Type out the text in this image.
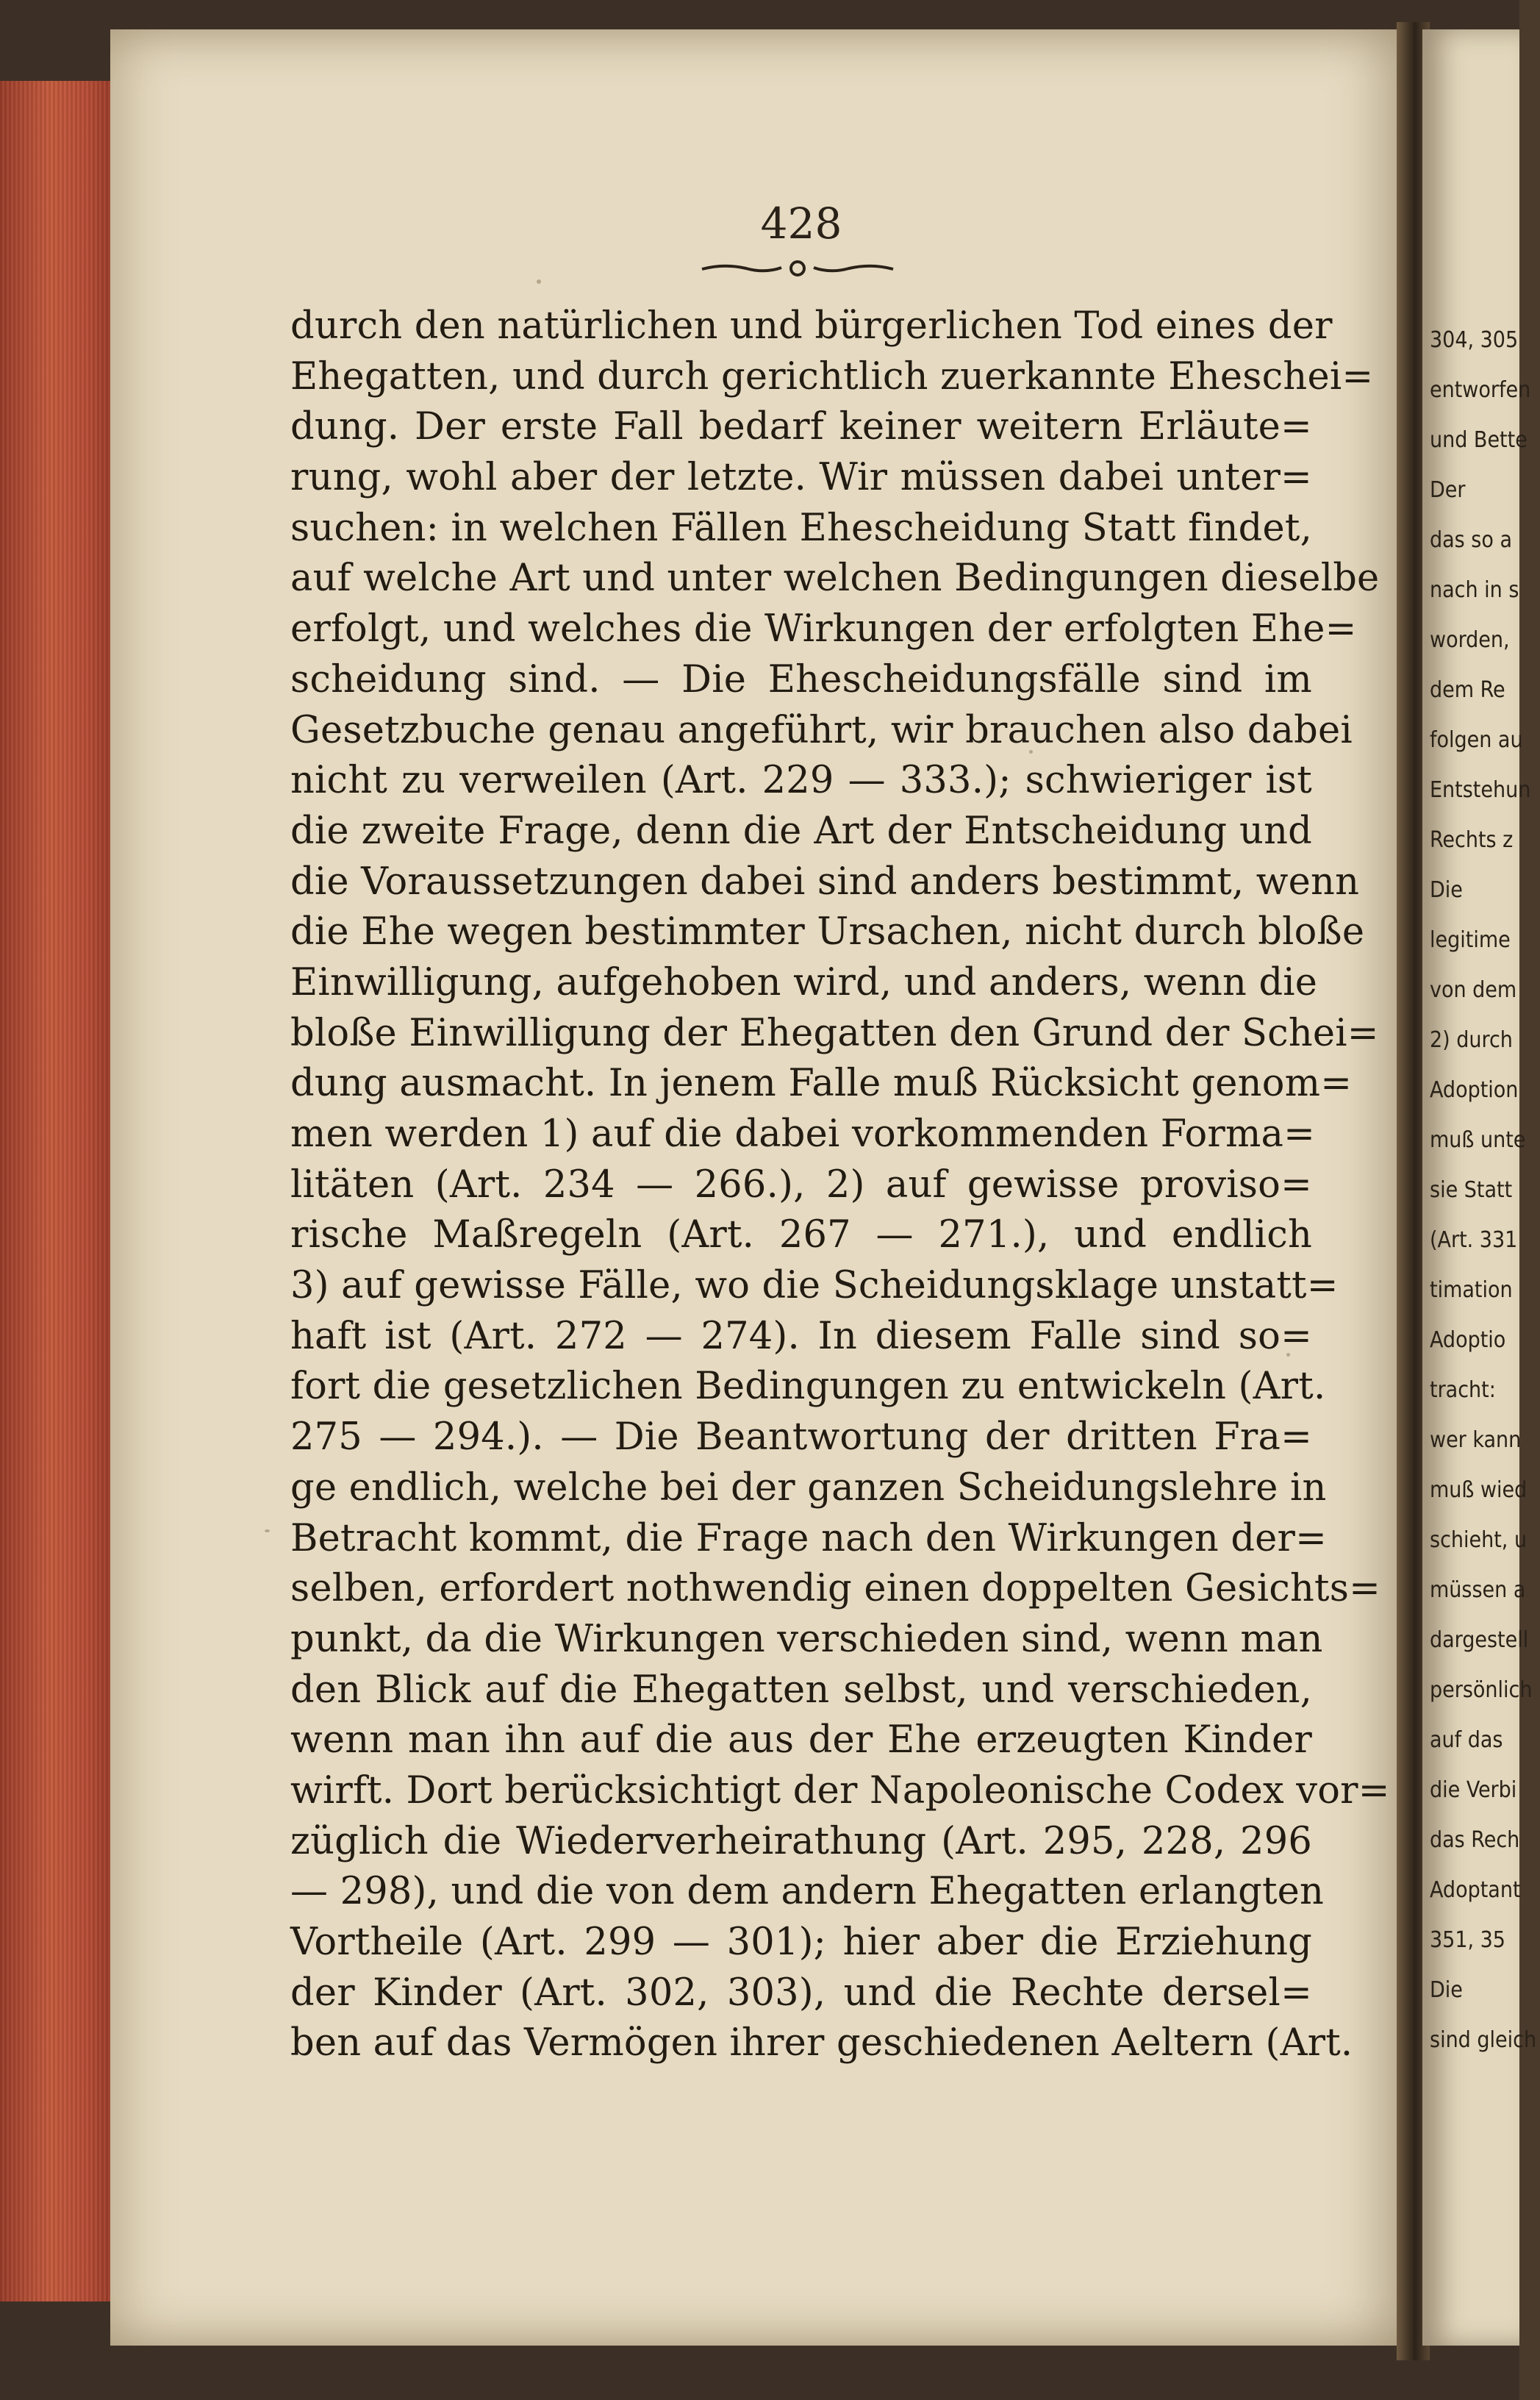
428
durch den natürlichen und bürgerlichen Tod eines der
Ehegatten, und durch gerichtlich zuerkannte Eheschei=
dung. Der erste Fall bedarf keiner weitern Erläute=
rung, wohl aber der letzte. Wir müssen dabei unter=
suchen: in welchen Fällen Ehescheidung Statt findet,
auf welche Art und unter welchen Bedingungen dieselbe
erfolgt, und welches die Wirkungen der erfolgten Ehe=
scheidung sind. — Die Ehescheidungsfälle sind im
Gesetzbuche genau angeführt, wir brauchen also dabei
nicht zu verweilen (Art. 229 — 333.); schwieriger ist
die zweite Frage, denn die Art der Entscheidung und
die Voraussetzungen dabei sind anders bestimmt, wenn
die Ehe wegen bestimmter Ursachen, nicht durch bloße
Einwilligung, aufgehoben wird, und anders, wenn die
bloße Einwilligung der Ehegatten den Grund der Schei=
dung ausmacht. In jenem Falle muß Rücksicht genom=
men werden 1) auf die dabei vorkommenden Forma=
litäten (Art. 234 — 266.), 2) auf gewisse proviso=
rische Maßregeln (Art. 267 — 271.), und endlich
3) auf gewisse Fälle, wo die Scheidungsklage unstatt=
haft ist (Art. 272 — 274). In diesem Falle sind so=
fort die gesetzlichen Bedingungen zu entwickeln (Art.
275 — 294.). — Die Beantwortung der dritten Fra=
ge endlich, welche bei der ganzen Scheidungslehre in
Betracht kommt, die Frage nach den Wirkungen der=
selben, erfordert nothwendig einen doppelten Gesichts=
punkt, da die Wirkungen verschieden sind, wenn man
den Blick auf die Ehegatten selbst, und verschieden,
wenn man ihn auf die aus der Ehe erzeugten Kinder
wirft. Dort berücksichtigt der Napoleonische Codex vor=
züglich die Wiederverheirathung (Art. 295, 228, 296
— 298), und die von dem andern Ehegatten erlangten
Vortheile (Art. 299 — 301); hier aber die Erziehung
der Kinder (Art. 302, 303), und die Rechte dersel=
ben auf das Vermögen ihrer geschiedenen Aeltern (Art.
304, 305
entworfen
und Bette
Der
das so a
nach in s
worden,
dem Re
folgen au
Entstehun
Rechts z
Die
legitime
von dem
2) durch
Adoption
muß unte
sie Statt
(Art. 331
timation
Adoptio
tracht:
wer kann
muß wied
schieht, u
müssen a
dargestell
persönlich
auf das
die Verbi
das Rech
Adoptant
351, 35
Die
sind gleich
